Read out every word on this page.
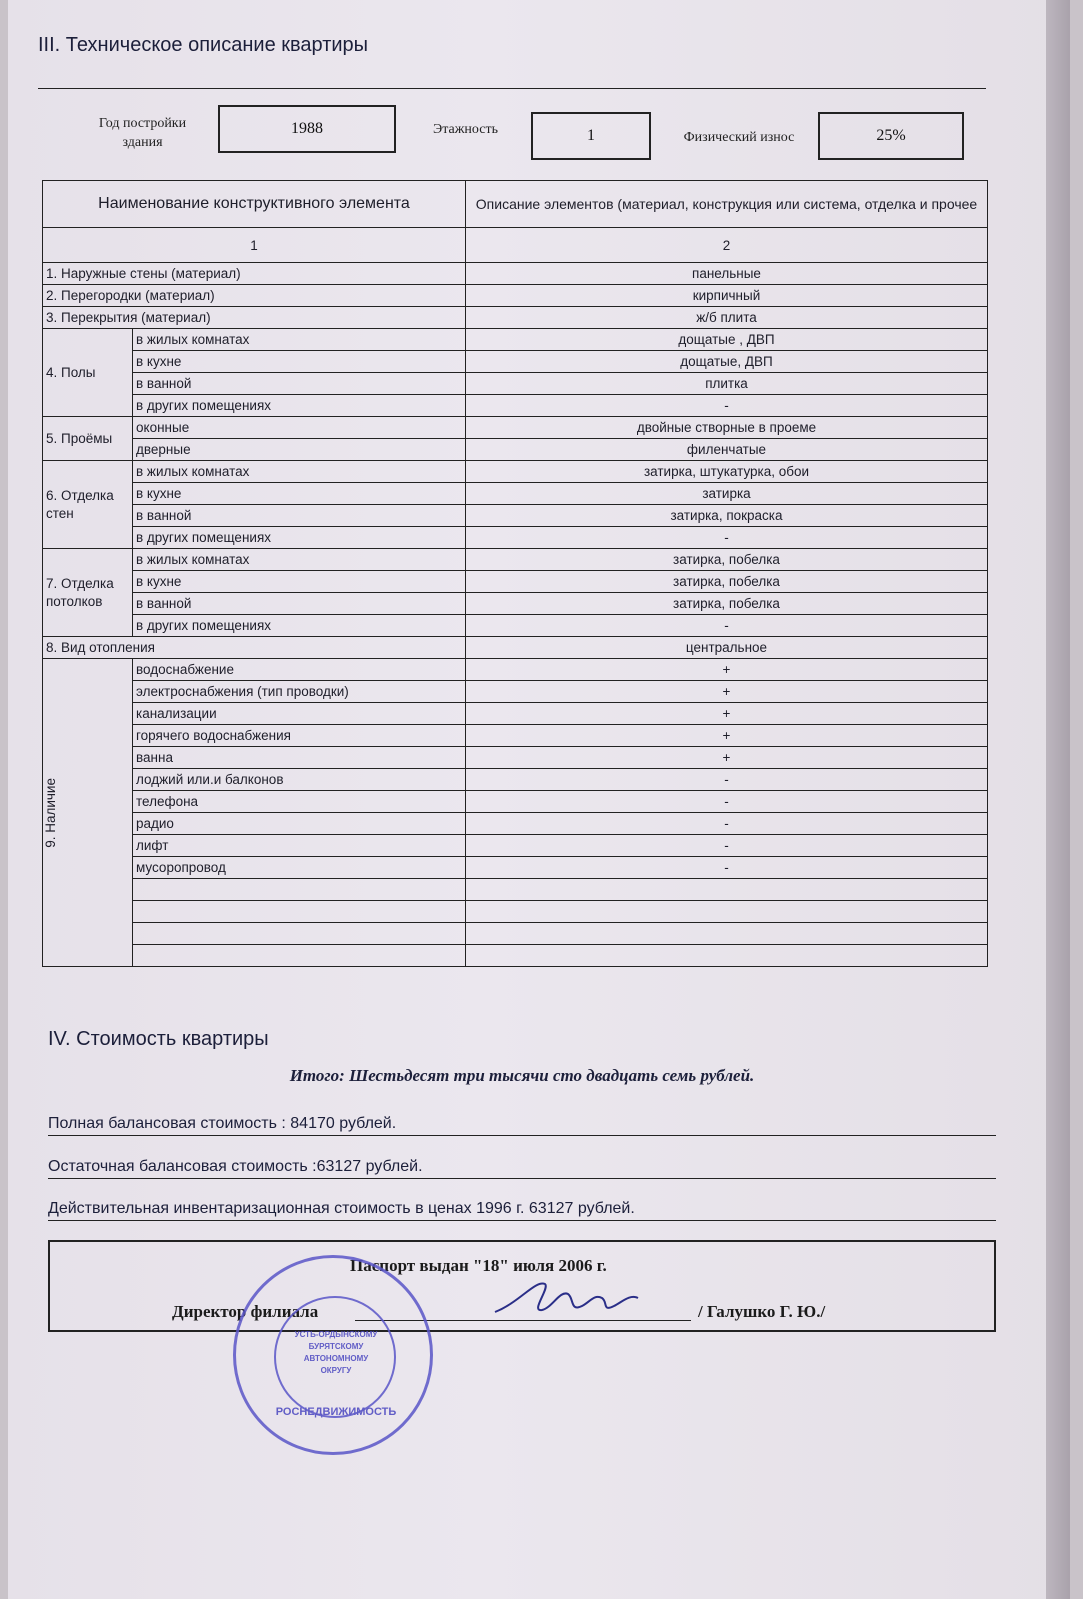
III. Техническое описание квартиры
Год постройки здания
1988	Этажность	1	Физический износ	25%
Наименование конструктивного элемента		Описание элементов (материал, конструкция или система, отделка и прочее
1		2
1. Наружные стены (материал)		панельные
2. Перегородки (материал)		кирпичный
3. Перекрытия (материал)		ж/б плита
4. Полы	в жилых комнатах	дощатые , ДВП
	в кухне	дощатые, ДВП
	в ванной	плитка
	в других помещениях	-
5. Проёмы	оконные	двойные створные в проеме
	дверные	филенчатые
6. Отделка стен	в жилых комнатах	затирка, штукатурка, обои
	в кухне	затирка
	в ванной	затирка, покраска
	в других помещениях	-
7. Отделка потолков	в жилых комнатах	затирка, побелка
	в кухне	затирка, побелка
	в ванной	затирка, побелка
	в других помещениях	-
8. Вид отопления		центральное

9. Наличие	водоснабжение	+
	электроснабжения (тип проводки)	+
	канализации	+
	горячего водоснабжения	+
	ванна	+
	лоджий или.и балконов	-
	телефона	-
	радио	-
	лифт	-
	мусоропровод	-

IV. Стоимость квартиры
Итого: Шестьдесят три тысячи сто двадцать семь рублей.
Полная балансовая стоимость : 84170 рублей.
Остаточная балансовая стоимость :63127 рублей.
Действительная инвентаризационная стоимость в ценах 1996 г. 63127 рублей.
Паспорт выдан "18" июля 2006 г.
Директор филиала	/ Галушко Г. Ю./
УСТЬ-ОРДЫНСКОМУ
БУРЯТСКОМУ
АВТОНОМНОМУ
ОКРУГУ
РОСНЕДВИЖИМОСТЬ
